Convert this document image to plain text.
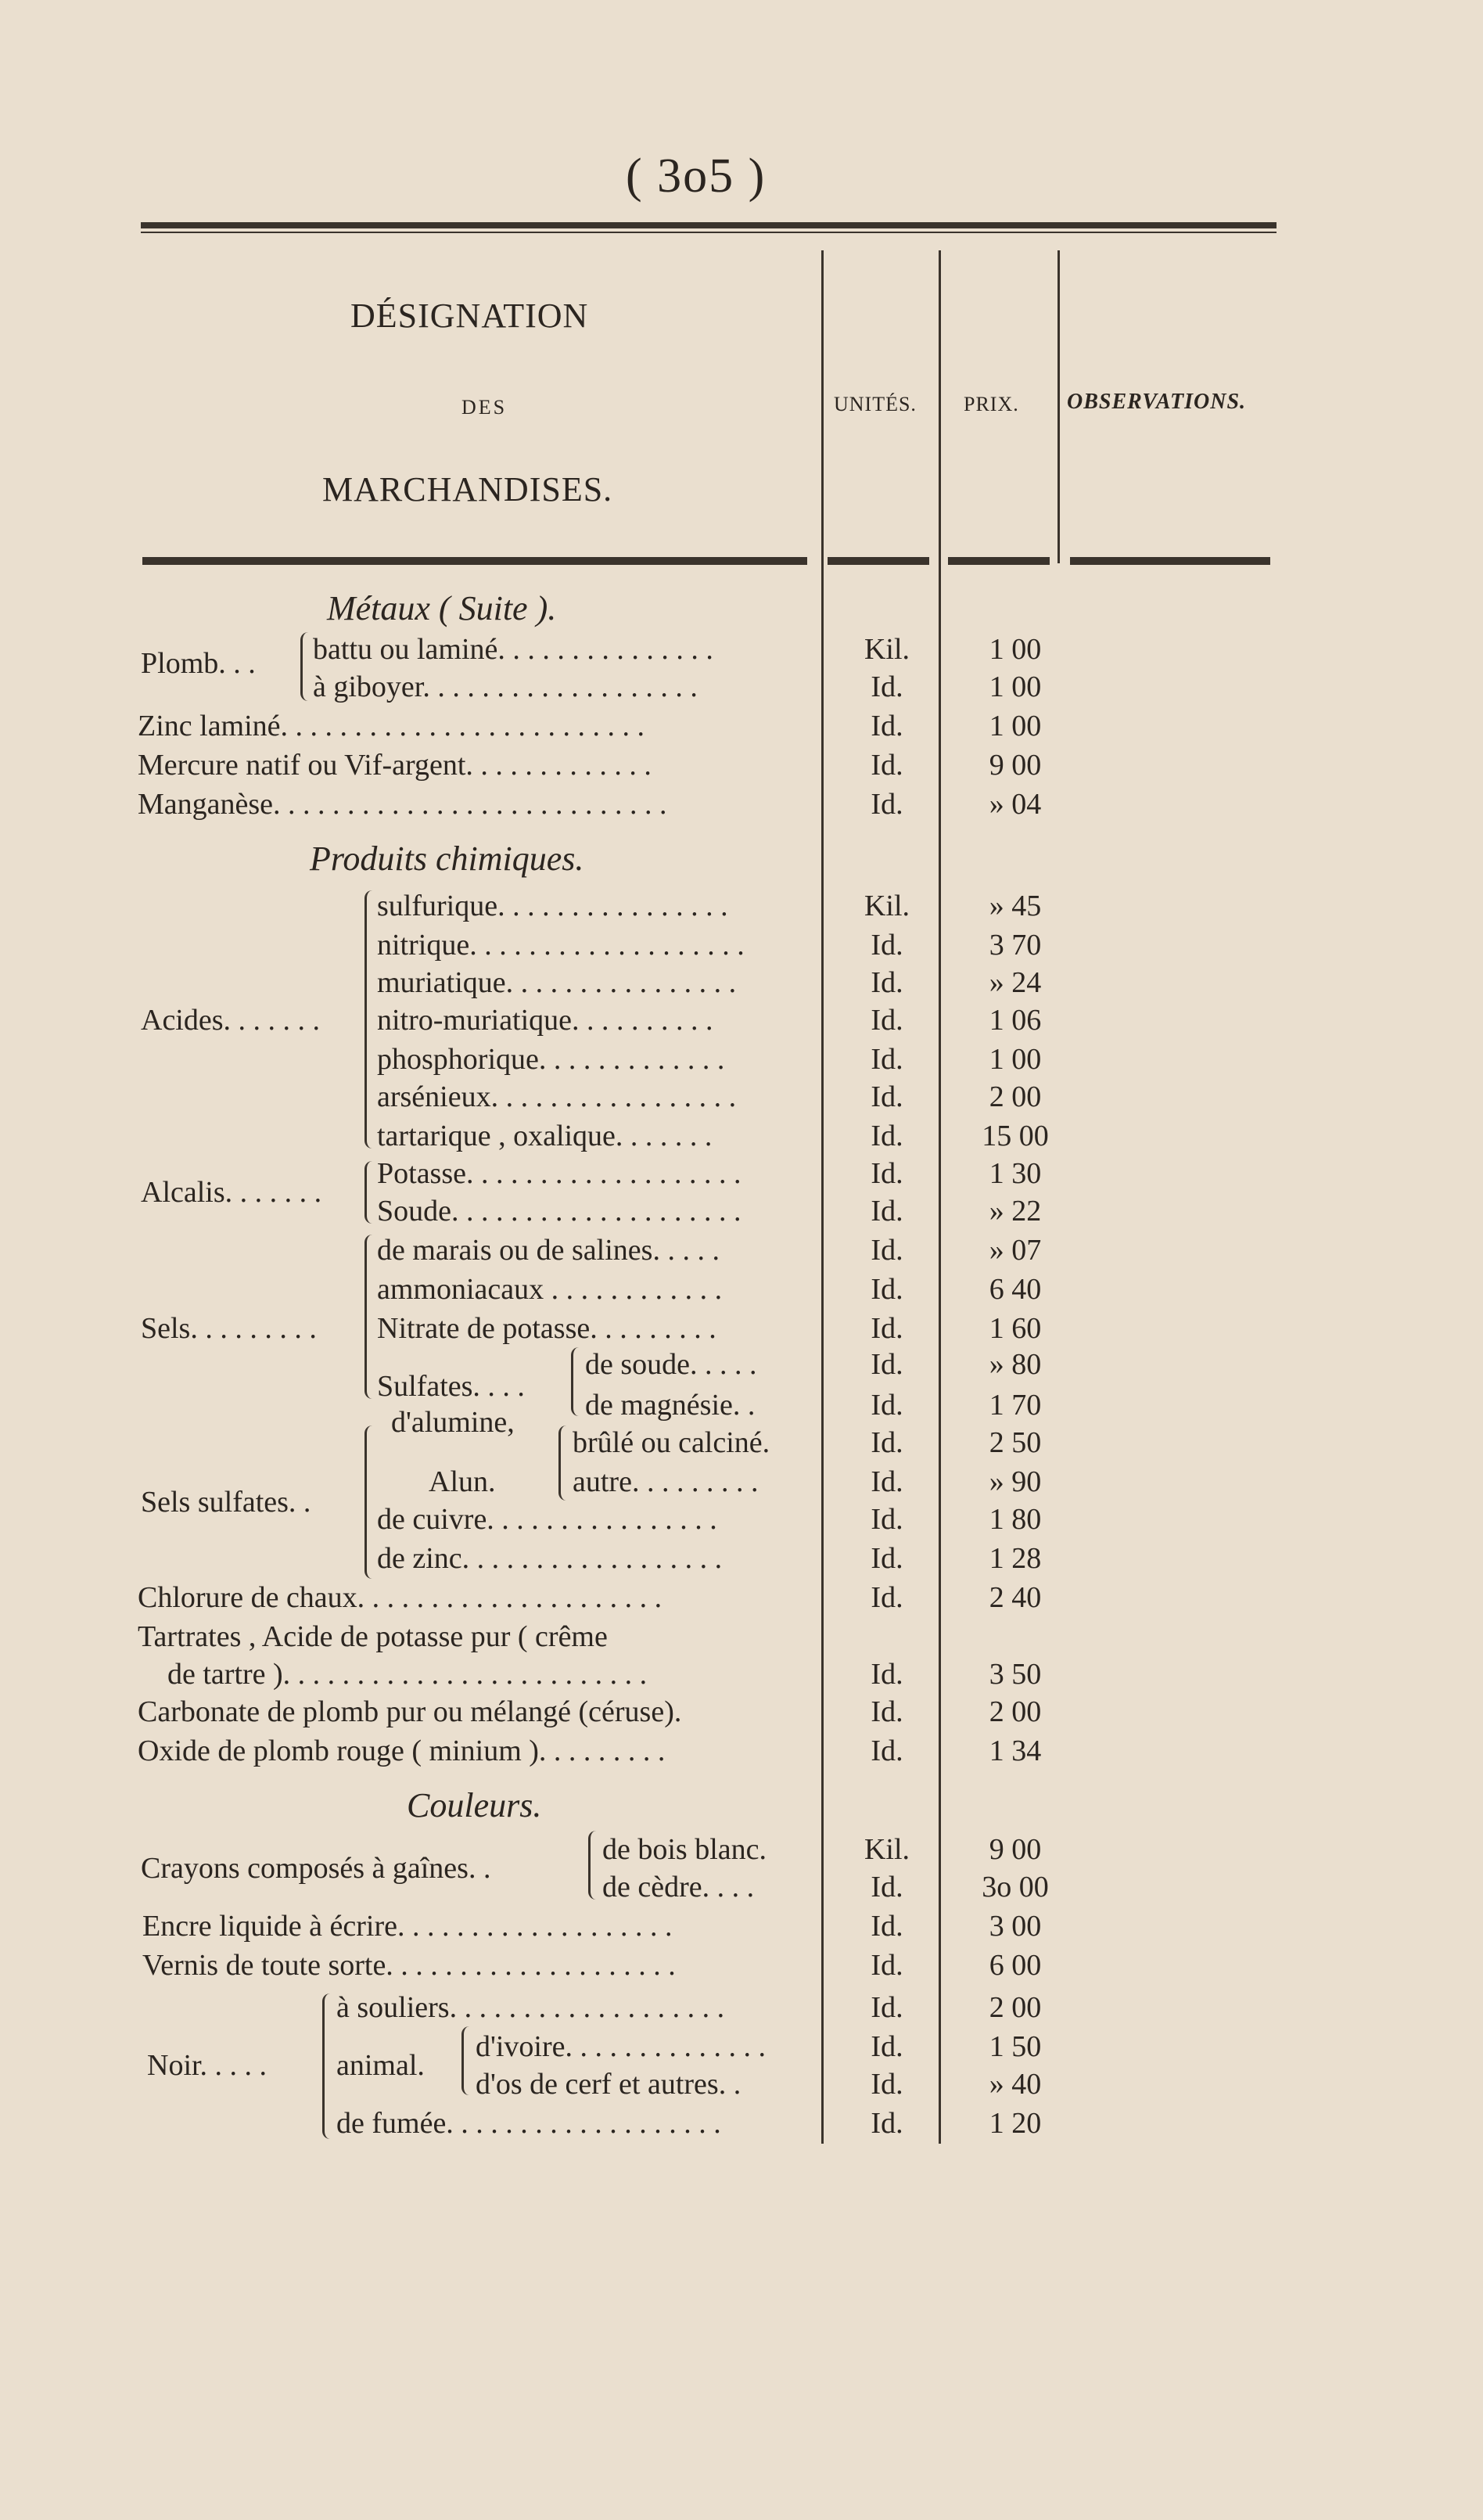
( 3o5 )
DÉSIGNATION
DES
MARCHANDISES.
UNITÉS. PRIX. OBSERVATIONS.
Métaux ( Suite ).
Produits chimiques.
Couleurs.
Plomb. . .
Acides. . . . . . .
Alcalis. . . . . . .
Sels. . . . . . . . .
Sulfates. . . .
Sels sulfates. .
d'alumine,
Alun.
Crayons composés à gaînes. .
Noir. . . . . animal.
battu ou laminé. . . . . . . . . . . . . . .
à giboyer. . . . . . . . . . . . . . . . . . .
Zinc laminé. . . . . . . . . . . . . . . . . . . . . . . . .
Mercure natif ou Vif-argent. . . . . . . . . . . . .
Manganèse. . . . . . . . . . . . . . . . . . . . . . . . . . .
sulfurique. . . . . . . . . . . . . . . .
nitrique. . . . . . . . . . . . . . . . . . .
muriatique. . . . . . . . . . . . . . . .
nitro-muriatique. . . . . . . . . .
phosphorique. . . . . . . . . . . . .
arsénieux. . . . . . . . . . . . . . . . .
tartarique , oxalique. . . . . . .
Potasse. . . . . . . . . . . . . . . . . . .
Soude. . . . . . . . . . . . . . . . . . . .
de marais ou de salines. . . . .
ammoniacaux . . . . . . . . . . . .
Nitrate de potasse. . . . . . . . .
de soude. . . . .
de magnésie. .
brûlé ou calciné.
autre. . . . . . . . .
de cuivre. . . . . . . . . . . . . . . .
de zinc. . . . . . . . . . . . . . . . . .
Chlorure de chaux. . . . . . . . . . . . . . . . . . . . .
Tartrates , Acide de potasse pur ( crême
de tartre ). . . . . . . . . . . . . . . . . . . . . . . . .
Carbonate de plomb pur ou mélangé (céruse).
Oxide de plomb rouge ( minium ). . . . . . . . .
de bois blanc.
de cèdre. . . .
Encre liquide à écrire. . . . . . . . . . . . . . . . . . .
Vernis de toute sorte. . . . . . . . . . . . . . . . . . . .
à souliers. . . . . . . . . . . . . . . . . . .
d'ivoire. . . . . . . . . . . . . .
d'os de cerf et autres. .
de fumée. . . . . . . . . . . . . . . . . . .
Kil.
Id.
Id.
Id.
Id.
Kil.
Id.
Id.
Id.
Id.
Id.
Id.
Id.
Id.
Id.
Id.
Id.
Id.
Id.
Id.
Id.
Id.
Id.
Id.
Id.
Id.
Id.
Kil.
Id.
Id.
Id.
Id.
Id.
Id.
Id.
1 00
1 00
1 00
9 00
» 04
» 45
3 70
» 24
1 06
1 00
2 00
15 00
1 30
» 22
» 07
6 40
1 60
» 80
1 70
2 50
» 90
1 80
1 28
2 40
3 50
2 00
1 34
9 00
3o 00
3 00
6 00
2 00
1 50
» 40
1 20
